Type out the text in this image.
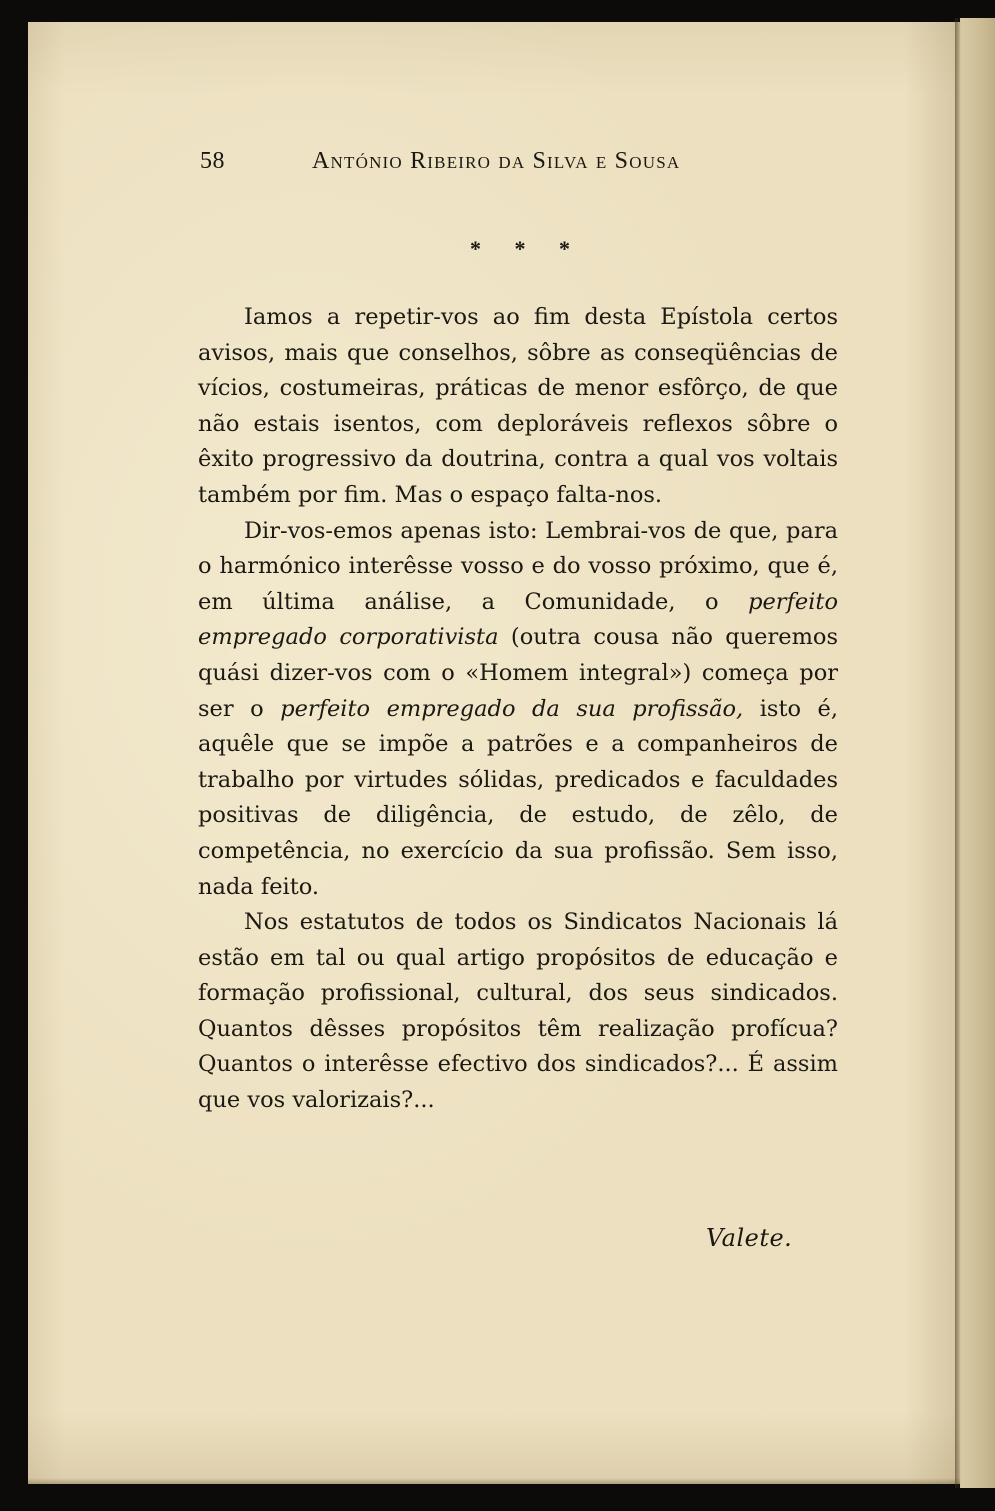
58	António Ribeiro da Silva e Sousa
* * *

Iamos a repetir-vos ao fim desta Epístola certos avisos, mais que conselhos, sôbre as conseqüências de vícios, costumeiras, práticas de menor esfôrço, de que não estais isentos, com deploráveis reflexos sôbre o êxito progressivo da doutrina, contra a qual vos voltais também por fim. Mas o espaço falta-nos.

Dir-vos-emos apenas isto: Lembrai-vos de que, para o harmónico interêsse vosso e do vosso próximo, que é, em última análise, a Comunidade, o perfeito empregado corporativista (outra cousa não queremos quási dizer-vos com o «Homem integral») começa por ser o perfeito empregado da sua profissão, isto é, aquêle que se impõe a patrões e a companheiros de trabalho por virtudes sólidas, predicados e faculdades positivas de diligência, de estudo, de zêlo, de competência, no exercício da sua profissão. Sem isso, nada feito.

Nos estatutos de todos os Sindicatos Nacionais lá estão em tal ou qual artigo propósitos de educação e formação profissional, cultural, dos seus sindicados. Quantos dêsses propósitos têm realização profícua? Quantos o interêsse efectivo dos sindicados?... É assim que vos valorizais?...

Valete.
